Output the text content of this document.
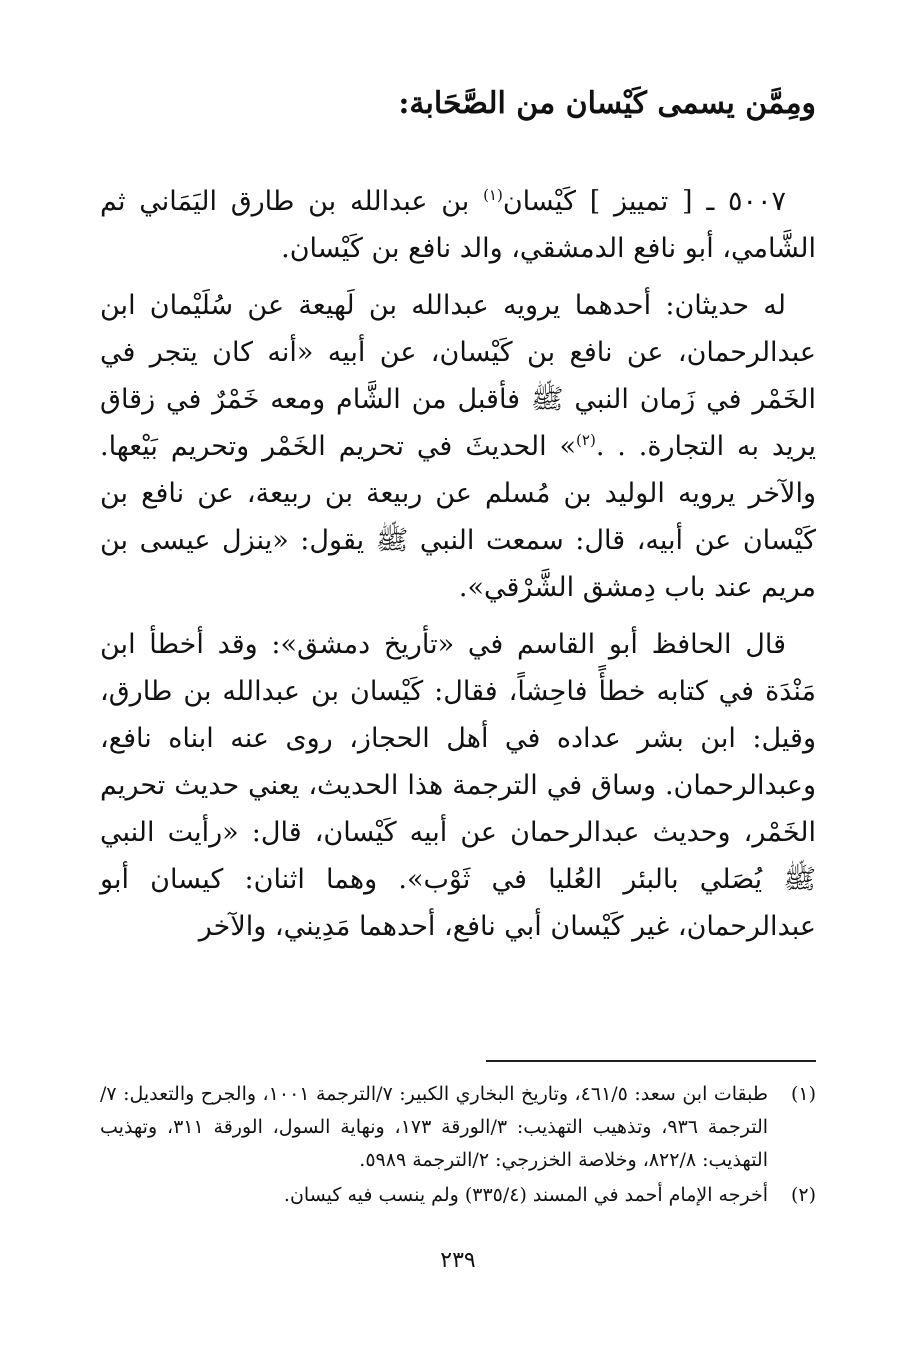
ومِمَّن يسمى كَيْسان من الصَّحَابة:

٥٠٠٧ ـ [ تمييز ] كَيْسان$^{(١)}$ بن عبدالله بن طارق اليَمَاني ثم الشَّامي، أبو نافع الدمشقي، والد نافع بن كَيْسان.

له حديثان: أحدهما يرويه عبدالله بن لَهيعة عن سُلَيْمان ابن عبدالرحمان، عن نافع بن كَيْسان، عن أبيه «أنه كان يتجر في الخَمْر في زَمان النبي ﷺ فأقبل من الشَّام ومعه خَمْرٌ في زقاق يريد به التجارة. . .$^{(٢)}$» الحديثَ في تحريم الخَمْر وتحريم بَيْعها. والآخر يرويه الوليد بن مُسلم عن ربيعة بن ربيعة، عن نافع بن كَيْسان عن أبيه، قال: سمعت النبي ﷺ يقول: «ينزل عيسى بن مريم عند باب دِمشق الشَّرْقي».

قال الحافظ أبو القاسم في «تأريخ دمشق»: وقد أخطأ ابن مَنْدَة في كتابه خطأً فاحِشاً، فقال: كَيْسان بن عبدالله بن طارق، وقيل: ابن بشر عداده في أهل الحجاز، روى عنه ابناه نافع، وعبدالرحمان. وساق في الترجمة هذا الحديث، يعني حديث تحريم الخَمْر، وحديث عبدالرحمان عن أبيه كَيْسان، قال: «رأيت النبي ﷺ يُصَلي بالبئر العُليا في ثَوْب». وهما اثنان: كيسان أبو عبدالرحمان، غير كَيْسان أبي نافع، أحدهما مَدِيني، والآخر

(١)
طبقات ابن سعد: ٤٦١/٥، وتاريخ البخاري الكبير: ٧/الترجمة ١٠٠١، والجرح والتعديل: ٧/الترجمة ٩٣٦، وتذهيب التهذيب: ٣/الورقة ١٧٣، ونهاية السول، الورقة ٣١١، وتهذيب التهذيب: ٨٢٢/٨، وخلاصة الخزرجي: ٢/الترجمة ٥٩٨٩.
(٢)
أخرجه الإمام أحمد في المسند (٣٣٥/٤) ولم ينسب فيه كيسان.
٢٣٩
